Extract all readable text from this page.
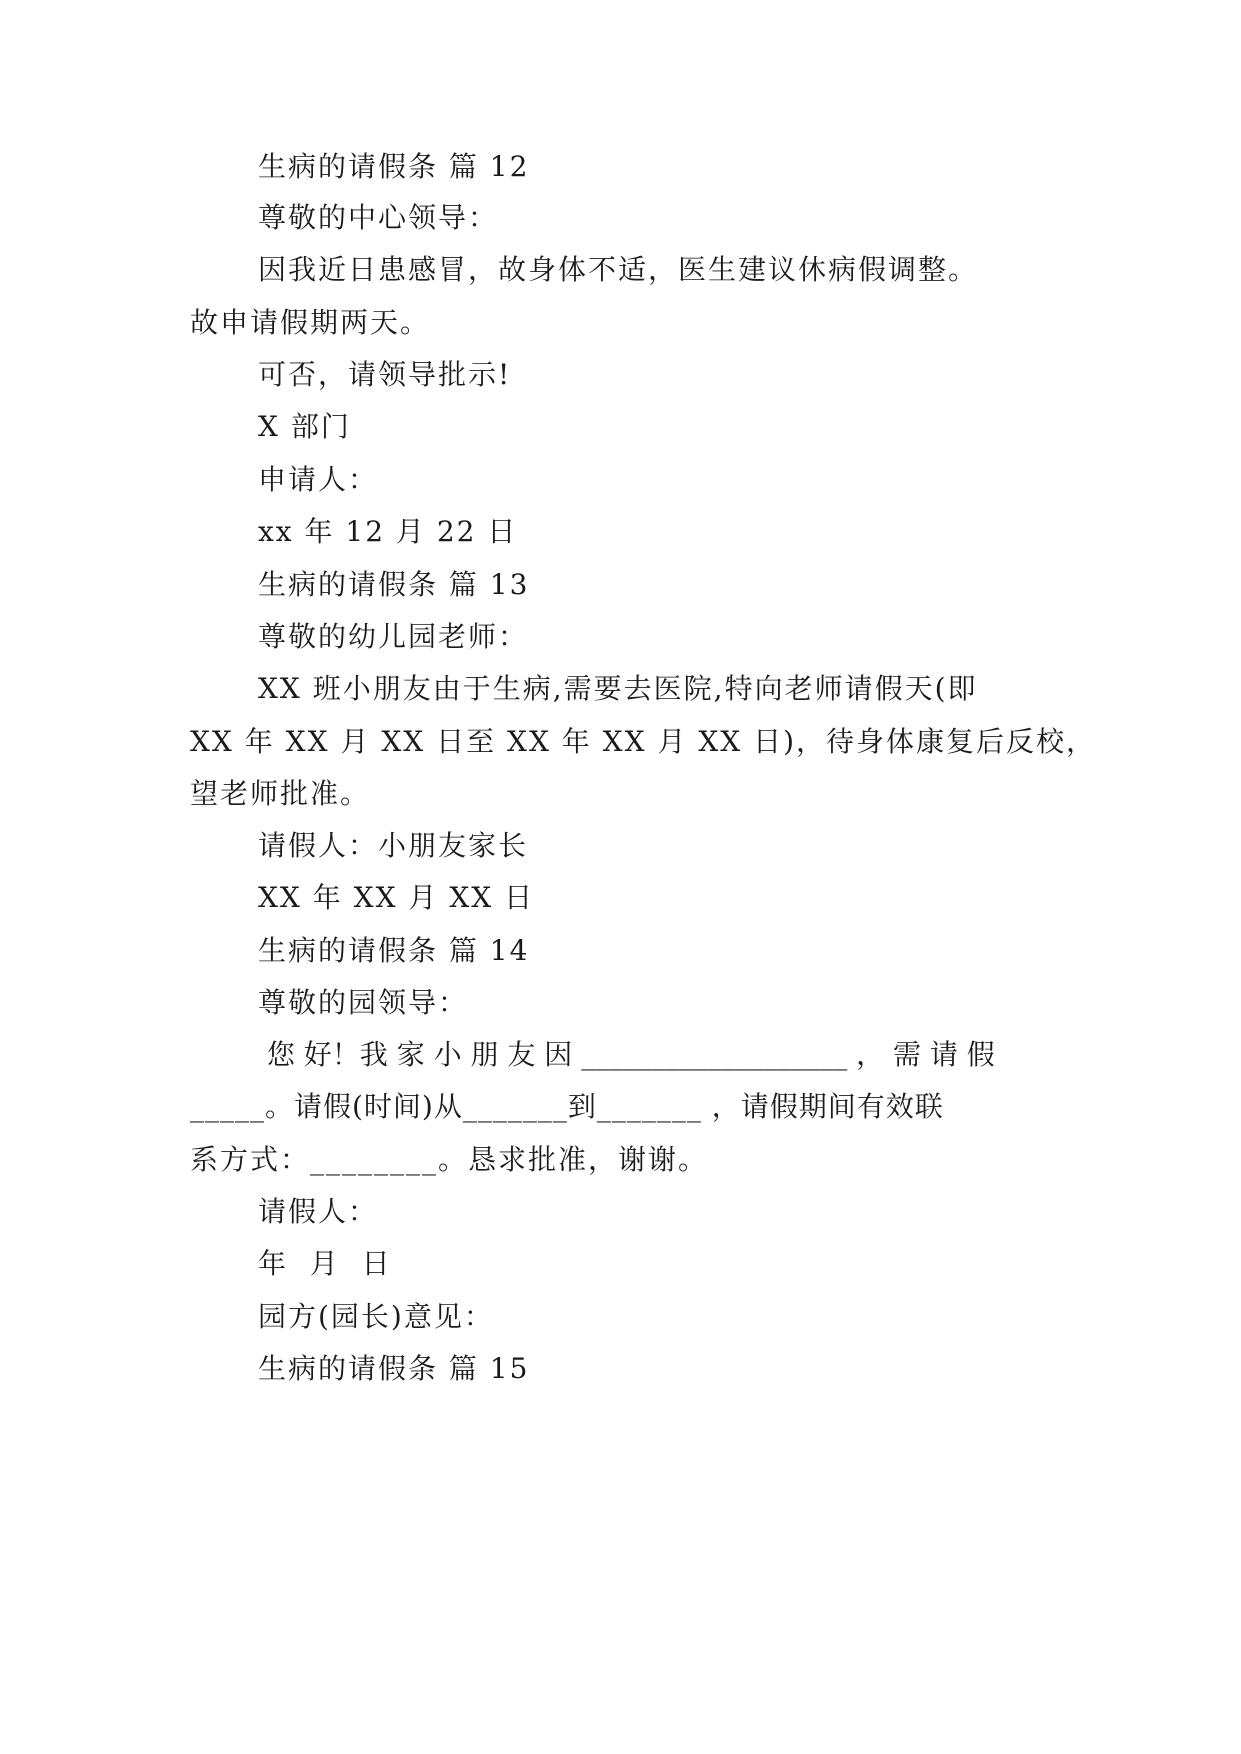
生病的请假条 篇 12
尊敬的中心领导：
因我近日患感冒，故身体不适，医生建议休病假调整。
故申请假期两天。
可否，请领导批示!
X 部门
申请人：
xx 年 12 月 22 日
生病的请假条 篇 13
尊敬的幼儿园老师：
XX 班小朋友由于生病,需要去医院,特向老师请假天(即
XX 年 XX 月 XX 日至 XX 年 XX 月 XX 日)，待身体康复后反校，
望老师批准。
请假人：小朋友家长
XX 年 XX 月 XX 日
生病的请假条 篇 14
尊敬的园领导：
您 好！我 家 小 朋 友 因 ___________________ ， 需 请 假
_____。请假(时间)从_______到_______ ，请假期间有效联
系方式：________。恳求批准，谢谢。
请假人：
年  月  日
园方(园长)意见：
生病的请假条 篇 15
